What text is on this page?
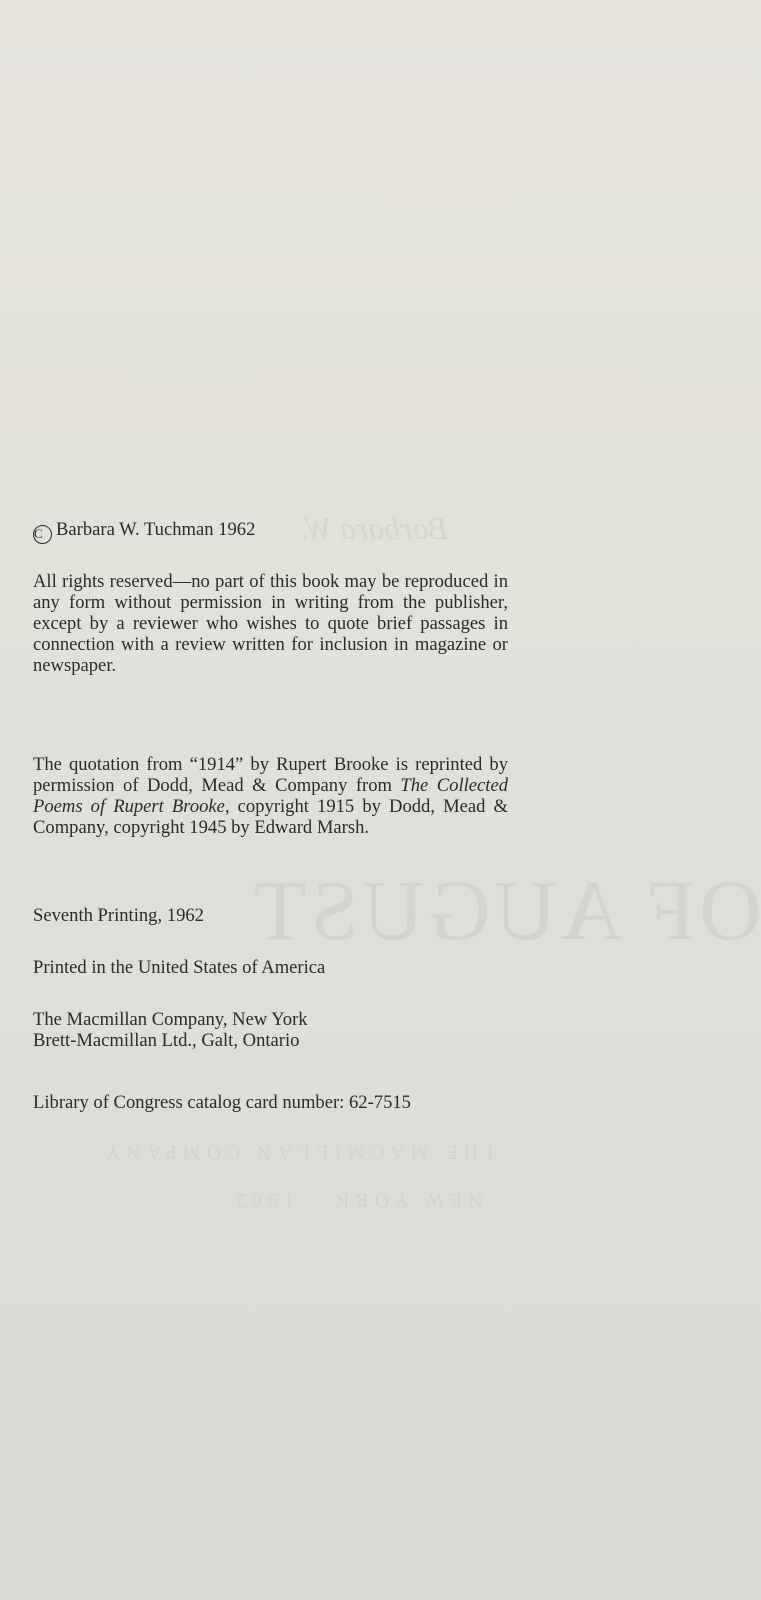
Barbara W.
OF AUGUST
THE MACMILLAN COMPANY
NEW YORK · 1962
C Barbara W. Tuchman 1962

All rights reserved—no part of this book may be reproduced in any form without permission in writing from the publisher, except by a reviewer who wishes to quote brief passages in connection with a review written for inclusion in magazine or newspaper.

The quotation from “1914” by Rupert Brooke is reprinted by permission of Dodd, Mead & Company from The Collected Poems of Rupert Brooke, copyright 1915 by Dodd, Mead & Company, copyright 1945 by Edward Marsh.

Seventh Printing, 1962
Printed in the United States of America
The Macmillan Company, New York
Brett-Macmillan Ltd., Galt, Ontario
Library of Congress catalog card number: 62-7515
